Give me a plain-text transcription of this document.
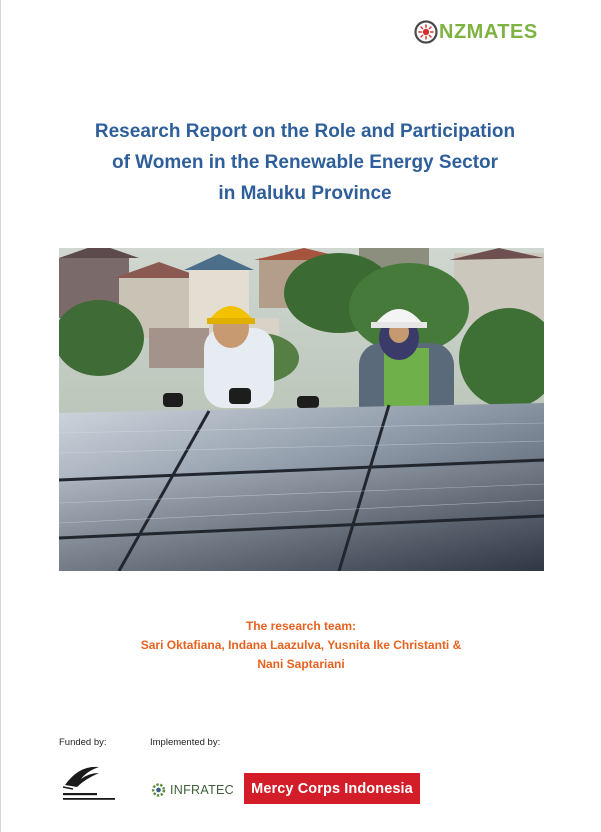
NZMATES
Research Report on the Role and Participation
of Women in the Renewable Energy Sector
in Maluku Province
The research team:
Sari Oktafiana, Indana Laazulva, Yusnita Ike Christanti &
Nani Saptariani
Funded by:	Implemented by:
INFRATEC	Mercy Corps Indonesia
